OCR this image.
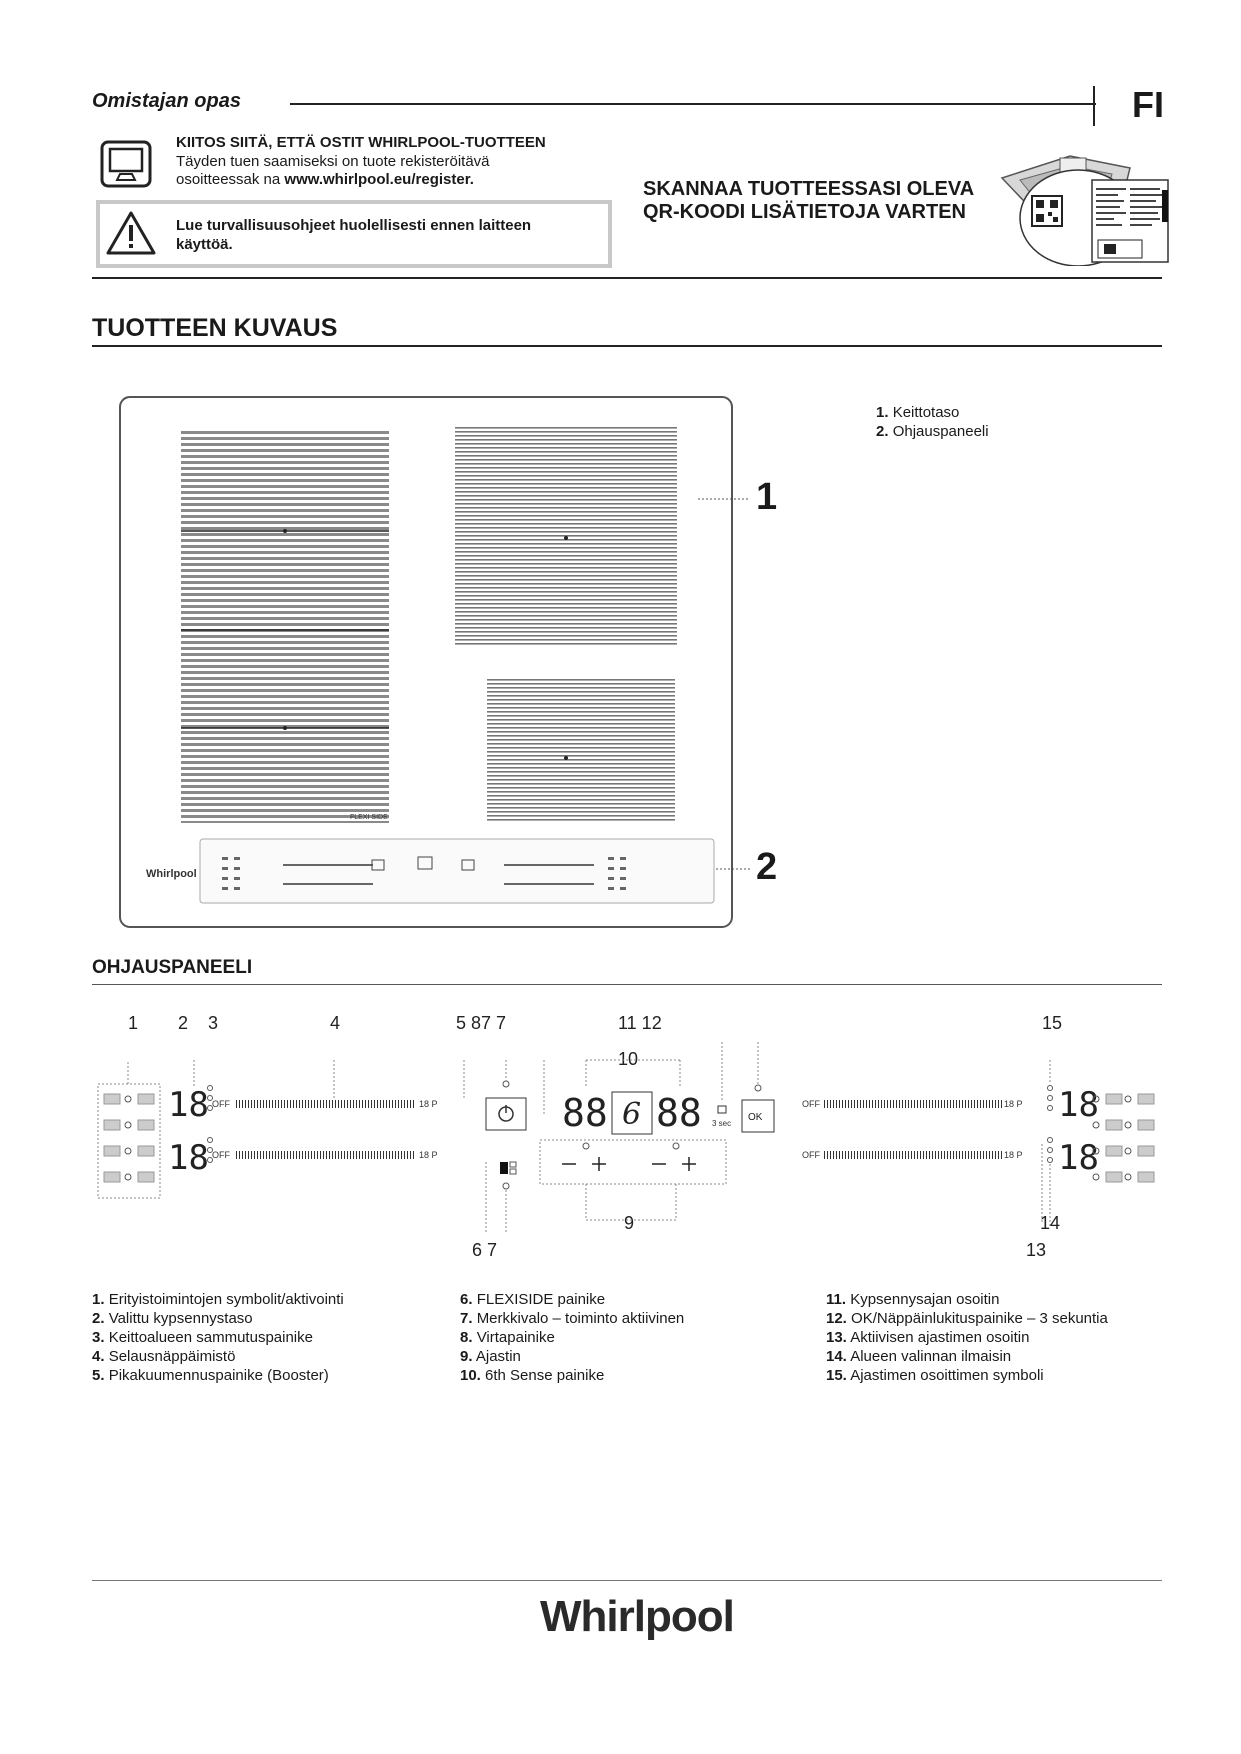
Omistajan opas	FI
KIITOS SIITÄ, ETTÄ OSTIT WHIRLPOOL-TUOTTEEN
Täyden tuen saamiseksi on tuote rekisteröitävä
osoitteessak na www.whirlpool.eu/register.
Lue turvallisuusohjeet huolellisesti ennen laitteen
käyttöä.
SKANNAA TUOTTEESSASI OLEVA
QR-KOODI LISÄTIETOJA VARTEN
TUOTTEEN KUVAUS
1. Keittotaso
2. Ohjauspaneeli
FLEXI SIDE
Whirlpool
1
2
OHJAUSPANEELI
1 2 3	4	5 87 7	11 12
10
15
9
6 7
14
13
18
18
OFF	18 P
OFF	18 P
88 6 88 3 sec
OK
OFF	18 P
OFF	18 P
18
18
1. Erityistoimintojen symbolit/aktivointi
2. Valittu kypsennystaso
3. Keittoalueen sammutuspainike
4. Selausnäppäimistö
5. Pikakuumennuspainike (Booster)
6. FLEXISIDE painike
7. Merkkivalo – toiminto aktiivinen
8. Virtapainike
9. Ajastin
10. 6th Sense painike
11. Kypsennysajan osoitin
12. OK/Näppäinlukituspainike – 3 sekuntia
13. Aktiivisen ajastimen osoitin
14. Alueen valinnan ilmaisin
15. Ajastimen osoittimen symboli
Whirlpool
